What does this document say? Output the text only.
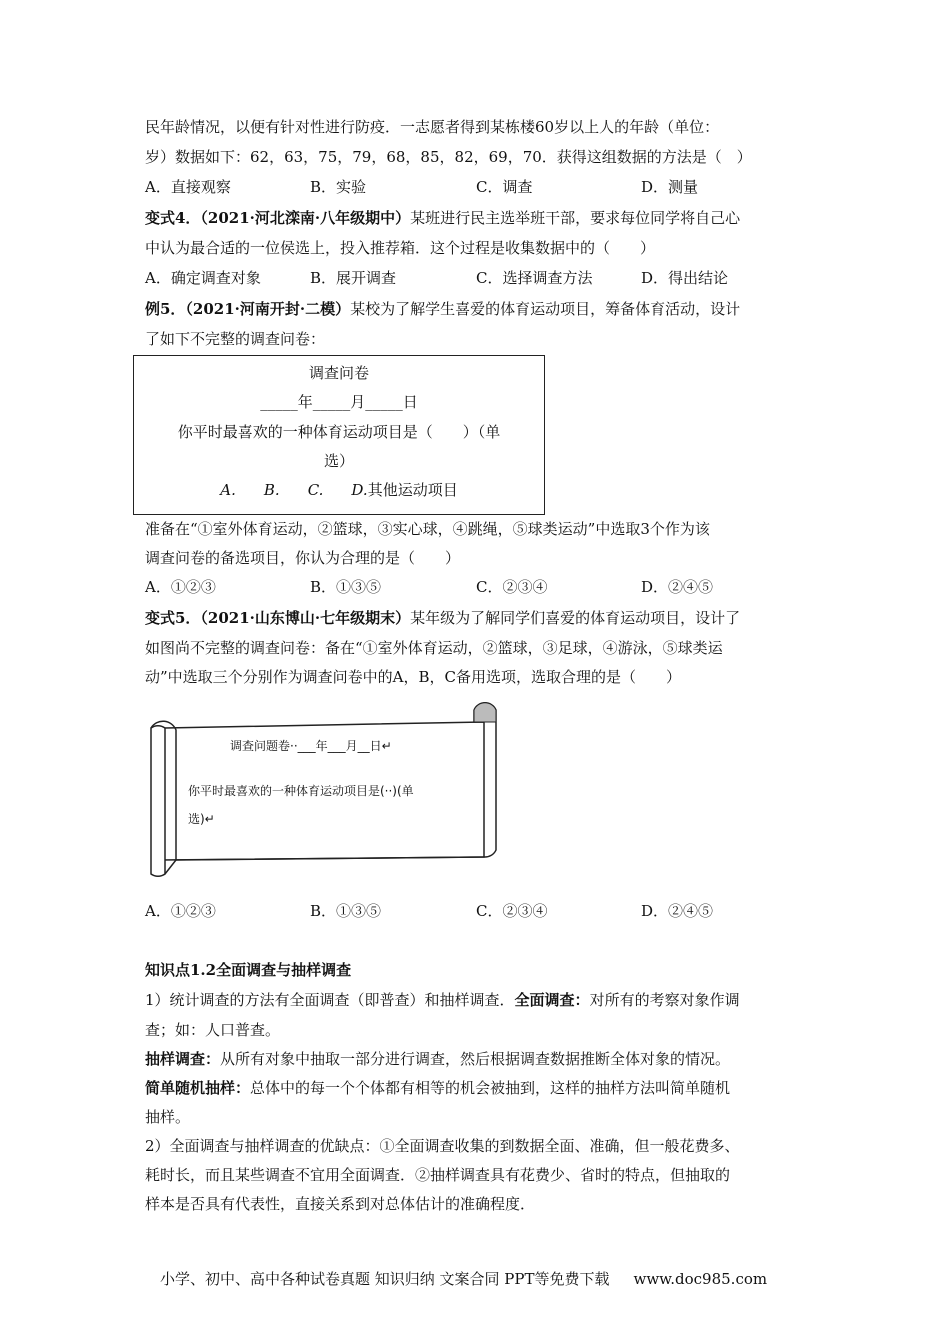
民年龄情况，以便有针对性进行防疫．一志愿者得到某栋楼60岁以上人的年龄（单位：
岁）数据如下：62，63，75，79，68，85，82，69，70．获得这组数据的方法是（　）
A．直接观察	B．实验	C．调查	D．测量
变式4．（2021·河北滦南·八年级期中）某班进行民主选举班干部，要求每位同学将自己心
中认为最合适的一位侯选上，投入推荐箱．这个过程是收集数据中的（　　）
A．确定调查对象	B．展开调查	C．选择调查方法	D．得出结论
例5．（2021·河南开封·二模）某校为了解学生喜爱的体育运动项目，筹备体育活动，设计
了如下不完整的调查问卷：
调查问卷
_____年_____月_____日
你平时最喜欢的一种体育运动项目是（　　）（单
选）
A. B. C. D.其他运动项目
准备在“①室外体育运动，②篮球，③实心球，④跳绳，⑤球类运动”中选取3个作为该
调查问卷的备选项目，你认为合理的是（　　）
A．①②③	B．①③⑤	C．②③④	D．②④⑤
变式5．（2021·山东博山·七年级期末）某年级为了解同学们喜爱的体育运动项目，设计了
如图尚不完整的调查问卷：备在“①室外体育运动，②篮球，③足球，④游泳，⑤球类运
动”中选取三个分别作为调查问卷中的A，B，C备用选项，选取合理的是（　　）
调查问题卷··___年___月__日↵
你平时最喜欢的一种体育运动项目是(··)(单
选)↵
A．①②③	B．①③⑤	C．②③④	D．②④⑤
知识点1.2全面调查与抽样调查
1）统计调查的方法有全面调查（即普查）和抽样调查．全面调查：对所有的考察对象作调
查；如：人口普查。
抽样调查：从所有对象中抽取一部分进行调查，然后根据调查数据推断全体对象的情况。
简单随机抽样：总体中的每一个个体都有相等的机会被抽到，这样的抽样方法叫简单随机
抽样。
2）全面调查与抽样调查的优缺点：①全面调查收集的到数据全面、准确，但一般花费多、
耗时长，而且某些调查不宜用全面调查．②抽样调查具有花费少、省时的特点，但抽取的
样本是否具有代表性，直接关系到对总体估计的准确程度．
小学、初中、高中各种试卷真题 知识归纳 文案合同 PPT等免费下载 www.doc985.com
